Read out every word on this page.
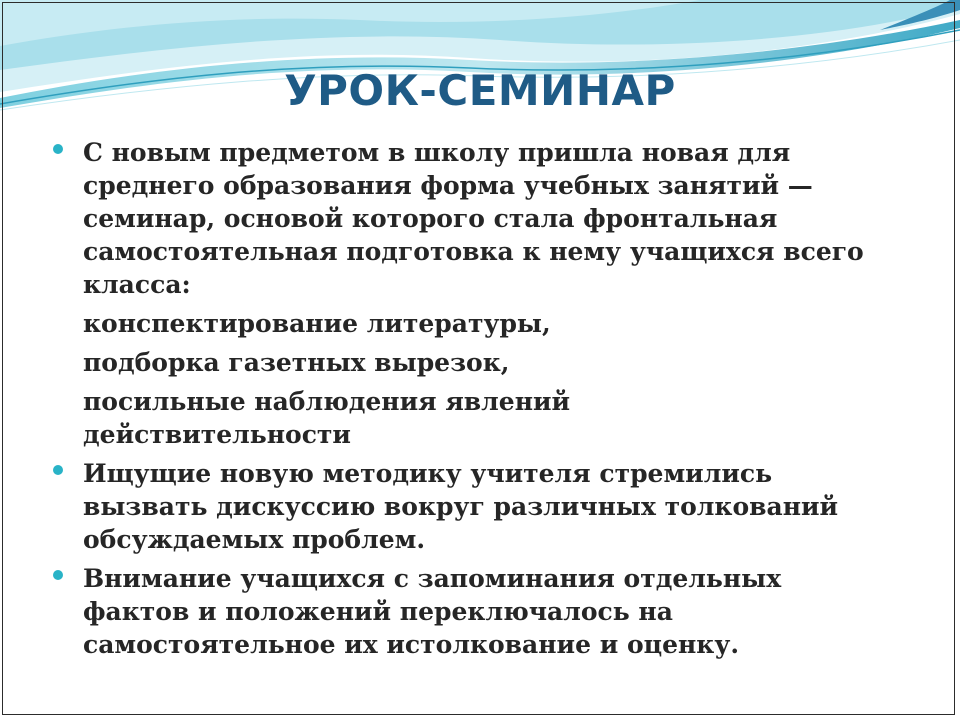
УРОК-СЕМИНАР
С новым предметом в школу пришла новая для
среднего образования форма учебных занятий —
семинар, основой которого стала фронтальная
самостоятельная подготовка к нему учащихся всего
класса:
конспектирование литературы,
подборка газетных вырезок,
посильные наблюдения явлений
действительности
Ищущие новую методику учителя стремились
вызвать дискуссию вокруг различных толкований
обсуждаемых проблем.
Внимание учащихся с запоминания отдельных
фактов и положений переключалось на
самостоятельное их истолкование и оценку.
